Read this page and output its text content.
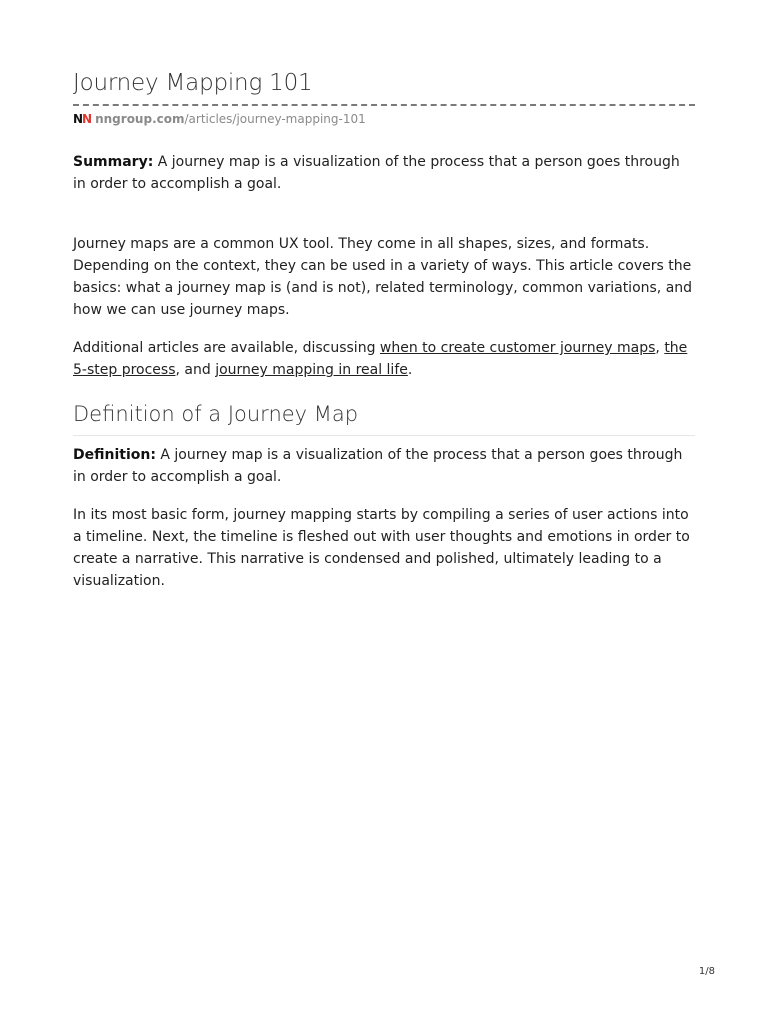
Journey Mapping 101
NN nngroup.com /articles/journey-mapping-101

Summary: A journey map is a visualization of the process that a person goes through in order to accomplish a goal.

Journey maps are a common UX tool. They come in all shapes, sizes, and formats. Depending on the context, they can be used in a variety of ways. This article covers the basics: what a journey map is (and is not), related terminology, common variations, and how we can use journey maps.

Additional articles are available, discussing when to create customer journey maps, the 5-step process, and journey mapping in real life.

Definition of a Journey Map

Definition: A journey map is a visualization of the process that a person goes through in order to accomplish a goal.

In its most basic form, journey mapping starts by compiling a series of user actions into a timeline. Next, the timeline is fleshed out with user thoughts and emotions in order to create a narrative. This narrative is condensed and polished, ultimately leading to a visualization.

1/8
